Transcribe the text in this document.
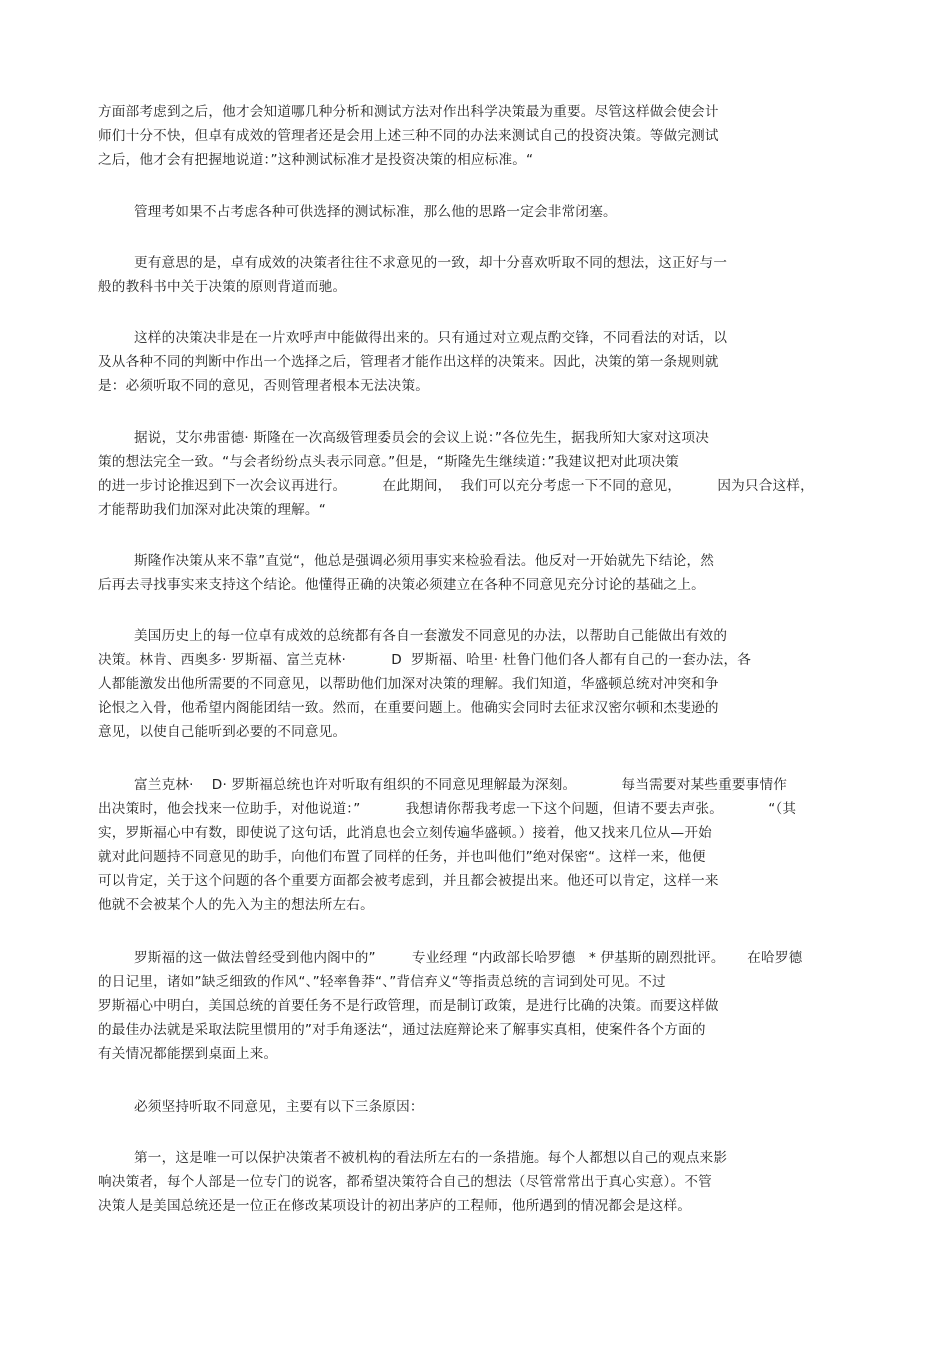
方面部考虑到之后，他才会知道哪几种分析和测试方法对作出科学决策最为重要。尽管这样做会使会计
师们十分不快，但卓有成效的管理者还是会用上述三种不同的办法来测试自己的投资决策。等做完测试
之后，他才会有把握地说道：”这种测试标准才是投资决策的相应标准。“
管理考如果不占考虑各种可供选择的测试标准，那么他的思路一定会非常闭塞。
更有意思的是，卓有成效的决策者往往不求意见的一致，却十分喜欢听取不同的想法，这正好与一
般的教科书中关于决策的原则背道而驰。
这样的决策决非是在一片欢呼声中能做得出来的。只有通过对立观点酌交锋，不同看法的对话，以
及从各种不同的判断中作出一个选择之后，管理者才能作出这样的决策来。因此，决策的第一条规则就
是：必须听取不同的意见，否则管理者根本无法决策。
据说，艾尔弗雷德· 斯隆在一次高级管理委员会的会议上说：”各位先生，据我所知大家对这项决
策的想法完全一致。“与会者纷纷点头表示同意。”但是，“斯隆先生继续道：”我建议把对此项决策
的进一步讨论推迟到下一次会议再进行。        在此期间，  我们可以充分考虑一下不同的意见，        因为只合这样，
才能帮助我们加深对此决策的理解。“
斯隆作决策从来不靠”直觉“，他总是强调必须用事实来检验看法。他反对一开始就先下结论，然
后再去寻找事实来支持这个结论。他懂得正确的决策必须建立在各种不同意见充分讨论的基础之上。
美国历史上的每一位卓有成效的总统都有各自一套激发不同意见的办法，以帮助自己能做出有效的
决策。林肯、西奥多· 罗斯福、富兰克林·          D  罗斯福、哈里· 杜鲁门他们各人都有自己的一套办法，各
人都能激发出他所需要的不同意见，以帮助他们加深对决策的理解。我们知道，华盛顿总统对冲突和争
论恨之入骨，他希望内阁能团结一致。然而，在重要问题上。他确实会同时去征求汉密尔顿和杰斐逊的
意见，以使自己能听到必要的不同意见。
富兰克林·    D· 罗斯福总统也许对听取有组织的不同意见理解最为深刻。          每当需要对某些重要事情作
出决策时，他会找来一位助手，对他说道：”          我想请你帮我考虑一下这个问题，但请不要去声张。          “（其
实，罗斯福心中有数，即使说了这句话，此消息也会立刻传遍华盛顿。）接着，他又找来几位从—开始
就对此问题持不同意见的助手，向他们布置了同样的任务，并也叫他们”绝对保密“。这样一来，他便
可以肯定，关于这个问题的各个重要方面都会被考虑到，并且都会被提出来。他还可以肯定，这样一来
他就不会被某个人的先入为主的想法所左右。
罗斯福的这一做法曾经受到他内阁中的”        专业经理 “内政部长哈罗德   * 伊基斯的剧烈批评。     在哈罗德
的日记里，诸如”缺乏细致的作风“、”轻率鲁莽“、”背信弃义“等指责总统的言词到处可见。不过
罗斯福心中明白，美国总统的首要任务不是行政管理，而是制订政策，是进行比确的决策。而要这样做
的最佳办法就是采取法院里惯用的”对手角逐法“，通过法庭辩论来了解事实真相，使案件各个方面的
有关情况都能摆到桌面上来。
必须坚持听取不同意见，主要有以下三条原因：
第一，这是唯一可以保护决策者不被机构的看法所左右的一条措施。每个人都想以自己的观点来影
响决策者，每个人部是一位专门的说客，都希望决策符合自己的想法（尽管常常出于真心实意）。不管
决策人是美国总统还是一位正在修改某项设计的初出茅庐的工程师，他所遇到的情况都会是这样。
